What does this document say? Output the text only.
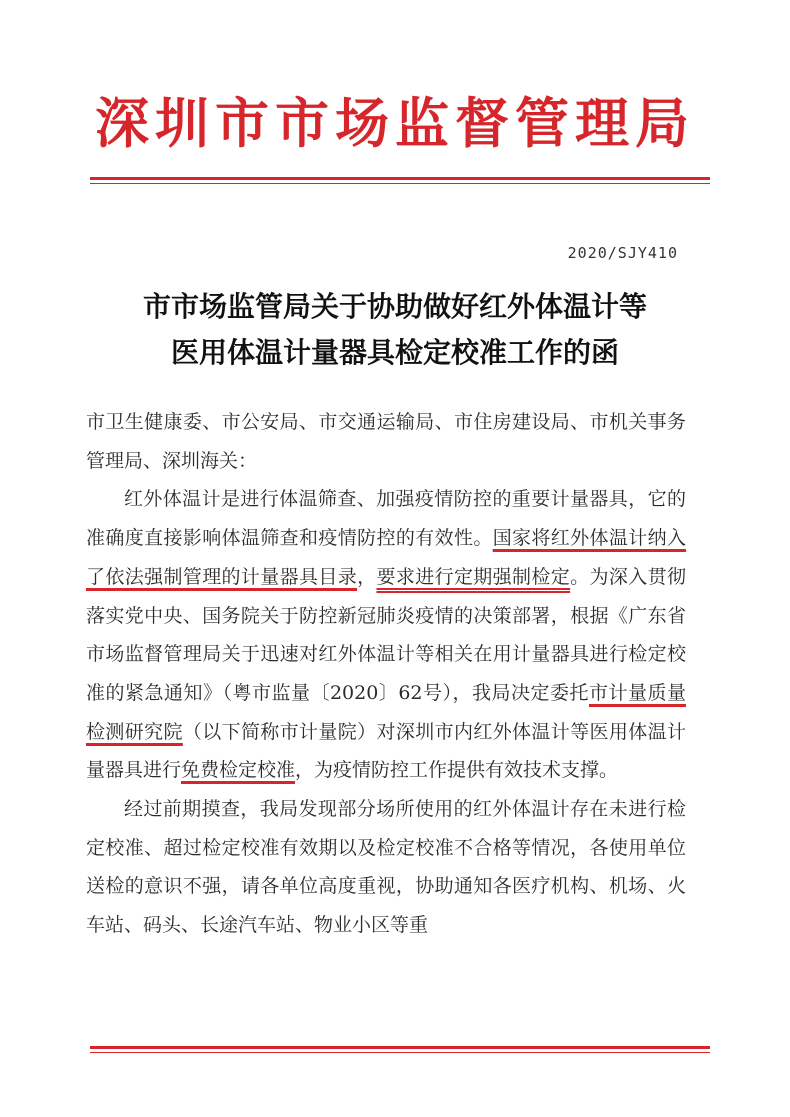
深圳市市场监督管理局
2020/SJY410
市市场监管局关于协助做好红外体温计等
医用体温计量器具检定校准工作的函

市卫生健康委、市公安局、市交通运输局、市住房建设局、市机关事务管理局、深圳海关：

红外体温计是进行体温筛查、加强疫情防控的重要计量器具，它的准确度直接影响体温筛查和疫情防控的有效性。国家将红外体温计纳入了依法强制管理的计量器具目录，要求进行定期强制检定。为深入贯彻落实党中央、国务院关于防控新冠肺炎疫情的决策部署，根据《广东省市场监督管理局关于迅速对红外体温计等相关在用计量器具进行检定校准的紧急通知》（粤市监量〔2020〕62号），我局决定委托市计量质量检测研究院（以下简称市计量院）对深圳市内红外体温计等医用体温计量器具进行免费检定校准，为疫情防控工作提供有效技术支撑。

经过前期摸查，我局发现部分场所使用的红外体温计存在未进行检定校准、超过检定校准有效期以及检定校准不合格等情况，各使用单位送检的意识不强，请各单位高度重视，协助通知各医疗机构、机场、火车站、码头、长途汽车站、物业小区等重
